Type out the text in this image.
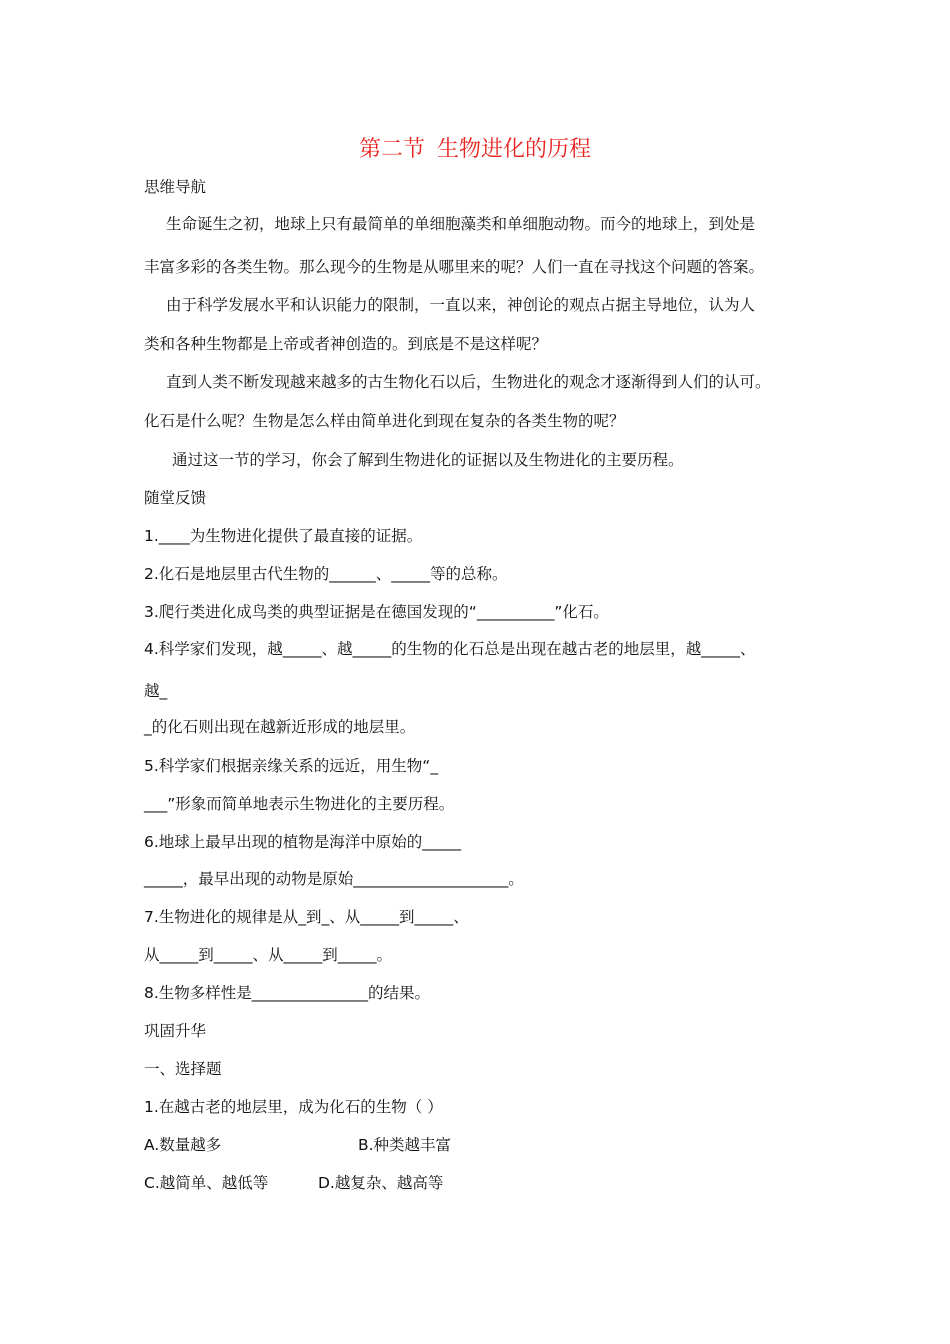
第二节 生物进化的历程
思维导航
生命诞生之初，地球上只有最简单的单细胞藻类和单细胞动物。而今的地球上，到处是
丰富多彩的各类生物。那么现今的生物是从哪里来的呢？人们一直在寻找这个问题的答案。
由于科学发展水平和认识能力的限制，一直以来，神创论的观点占据主导地位，认为人
类和各种生物都是上帝或者神创造的。到底是不是这样呢？
直到人类不断发现越来越多的古生物化石以后，生物进化的观念才逐渐得到人们的认可。
化石是什么呢？生物是怎么样由简单进化到现在复杂的各类生物的呢？
通过这一节的学习，你会了解到生物进化的证据以及生物进化的主要历程。
随堂反馈
1.____为生物进化提供了最直接的证据。
2.化石是地层里古代生物的______、_____等的总称。
3.爬行类进化成鸟类的典型证据是在德国发现的“__________”化石。
4.科学家们发现，越_____、越_____的生物的化石总是出现在越古老的地层里，越_____、
越_
_的化石则出现在越新近形成的地层里。
5.科学家们根据亲缘关系的远近，用生物“_
___”形象而简单地表示生物进化的主要历程。
6.地球上最早出现的植物是海洋中原始的_____
_____，最早出现的动物是原始____________________。
7.生物进化的规律是从_到_、从_____到_____、
从_____到_____、从_____到_____。
8.生物多样性是_______________的结果。
巩固升华
一、选择题
1.在越古老的地层里，成为化石的生物（ ）
A.数量越多	B.种类越丰富
C.越简单、越低等	D.越复杂、越高等
